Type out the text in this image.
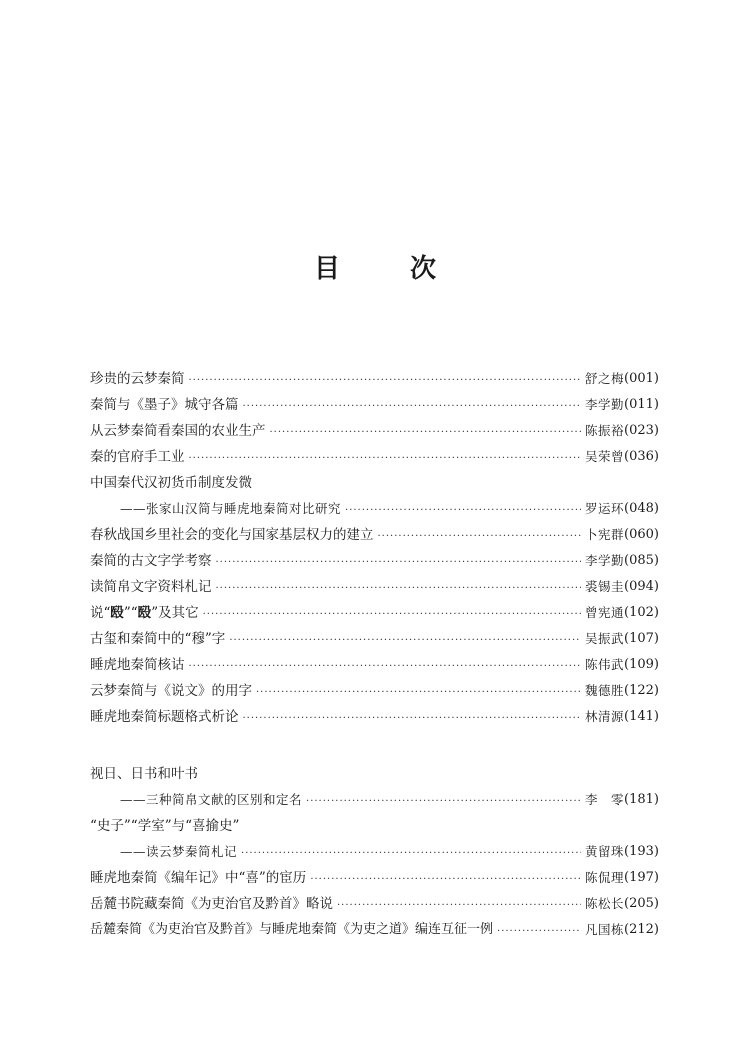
目　次
珍贵的云梦秦简 ·····	舒之梅 (001)
秦简与《墨子》城守各篇 ·····	李学勤 (011)
从云梦秦简看秦国的农业生产 ·····	陈振裕 (023)
秦的官府手工业 ·····	吴荣曾 (036)
中国秦代汉初货币制度发微
——张家山汉简与睡虎地秦简对比研究 ·····	罗运环 (048)
春秋战国乡里社会的变化与国家基层权力的建立 ·····	卜宪群 (060)
秦简的古文字学考察 ·····	李学勤 (085)
读简帛文字资料札记 ·····	裘锡圭 (094)
说“殹”“殹”及其它 ·····	曾宪通 (102)
古玺和秦简中的“穆”字 ·····	吴振武 (107)
睡虎地秦简核诂 ·····	陈伟武 (109)
云梦秦简与《说文》的用字 ·····	魏德胜 (122)
睡虎地秦简标题格式析论 ·····	林清源 (141)
视日、日书和叶书
——三种简帛文献的区别和定名 ·····	李　零 (181)
“史子”“学室”与“喜揄史”
——读云梦秦简札记 ·····	黄留珠 (193)
睡虎地秦简《编年记》中“喜”的宦历 ·····	陈侃理 (197)
岳麓书院藏秦简《为吏治官及黔首》略说 ·····	陈松长 (205)
岳麓秦简《为吏治官及黔首》与睡虎地秦简《为吏之道》编连互征一例 ·····	凡国栋 (212)
